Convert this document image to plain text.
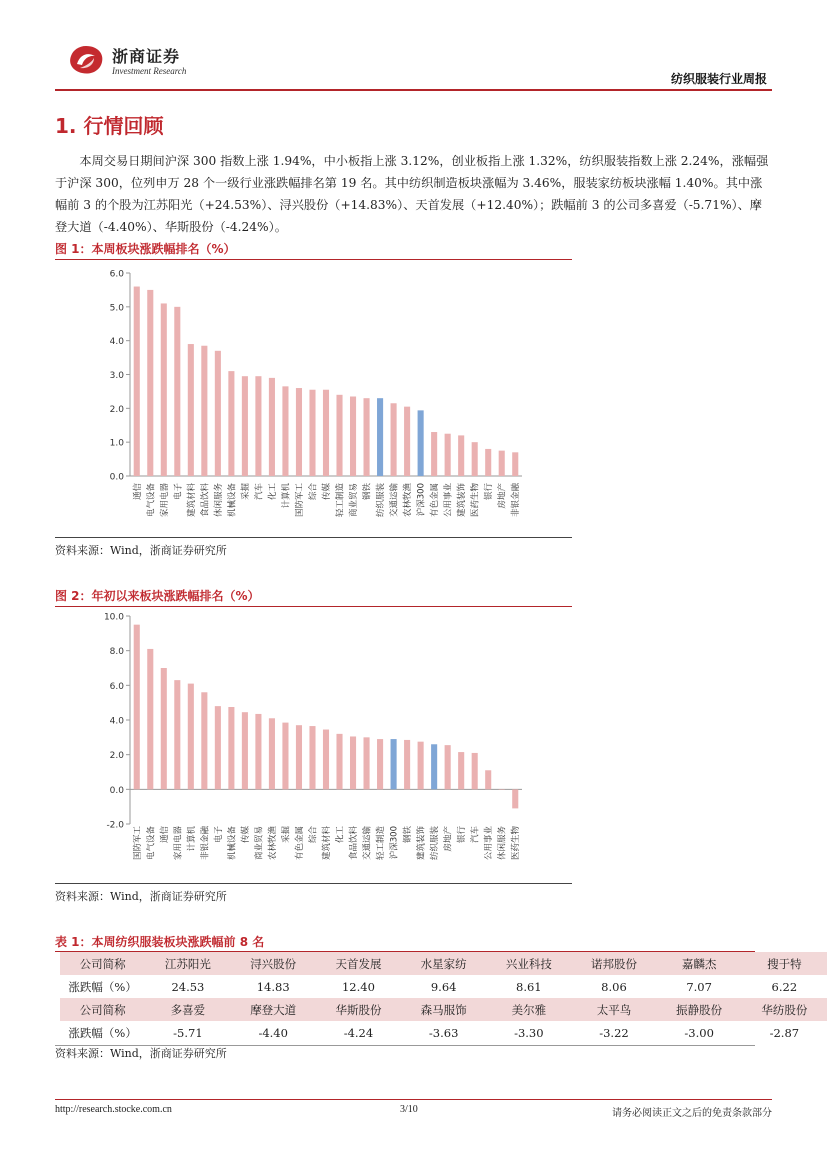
浙商证券
Investment Research
纺织服装行业周报
1. 行情回顾
本周交易日期间沪深 300 指数上涨 1.94%，中小板指上涨 3.12%，创业板指上涨 1.32%，纺织服装指数上涨 2.24%，涨幅强于沪深 300，位列申万 28 个一级行业涨跌幅排名第 19 名。其中纺织制造板块涨幅为 3.46%，服装家纺板块涨幅 1.40%。其中涨幅前 3 的个股为江苏阳光（+24.53%）、浔兴股份（+14.83%）、天首发展（+12.40%）；跌幅前 3 的公司多喜爱（-5.71%）、摩登大道（-4.40%）、华斯股份（-4.24%）。
图 1：本周板块涨跌幅排名（%）
0.0
1.0
2.0
3.0
4.0
5.0
6.0
通信 电气设备 家用电器 电子 建筑材料 食品饮料 休闲服务 机械设备 采掘 汽车 化工 计算机 国防军工 综合 传媒 轻工制造 商业贸易 钢铁 纺织服装 交通运输 农林牧渔 沪深300 有色金属 公用事业 建筑装饰 医药生物 银行 房地产 非银金融
资料来源：Wind，浙商证券研究所
图 2：年初以来板块涨跌幅排名（%）
-2.0
0.0
2.0
4.0
6.0
8.0
10.0
国防军工 电气设备 通信 家用电器 计算机 非银金融 电子 机械设备 传媒 商业贸易 农林牧渔 采掘 有色金属 综合 建筑材料 化工 食品饮料 交通运输 轻工制造 沪深300 钢铁 建筑装饰 纺织服装 房地产 银行 汽车 公用事业 休闲服务 医药生物
资料来源：Wind，浙商证券研究所
表 1：本周纺织服装板块涨跌幅前 8 名
公司简称	江苏阳光	浔兴股份	天首发展	水星家纺	兴业科技	诺邦股份	嘉麟杰	搜于特
涨跌幅（%）	24.53	14.83	12.40	9.64	8.61	8.06	7.07	6.22
公司简称	多喜爱	摩登大道	华斯股份	森马服饰	美尔雅	太平鸟	振静股份	华纺股份
涨跌幅（%）	-5.71	-4.40	-4.24	-3.63	-3.30	-3.22	-3.00	-2.87
资料来源：Wind，浙商证券研究所
http://research.stocke.com.cn	3/10	请务必阅读正文之后的免责条款部分
